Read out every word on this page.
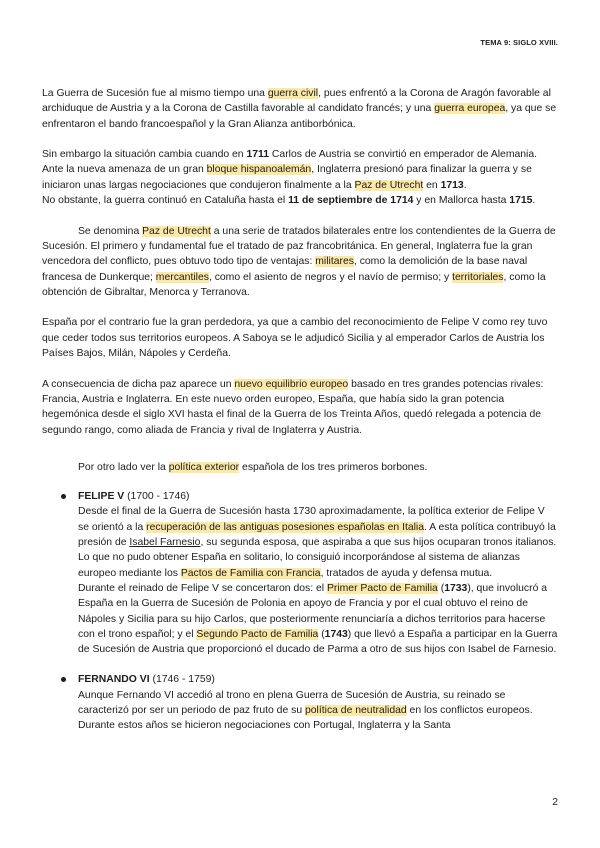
TEMA 9: SIGLO XVIII.

La Guerra de Sucesión fue al mismo tiempo una guerra civil, pues enfrentó a la Corona de Aragón favorable al archiduque de Austria y a la Corona de Castilla favorable al candidato francés; y una guerra europea, ya que se enfrentaron el bando francoespañol y la Gran Alianza antiborbónica.

Sin embargo la situación cambia cuando en 1711 Carlos de Austria se convirtió en emperador de Alemania. Ante la nueva amenaza de un gran bloque hispanoalemán, Inglaterra presionó para finalizar la guerra y se iniciaron unas largas negociaciones que condujeron finalmente a la Paz de Utrecht en 1713.
No obstante, la guerra continuó en Cataluña hasta el 11 de septiembre de 1714 y en Mallorca hasta 1715.

Se denomina Paz de Utrecht a una serie de tratados bilaterales entre los contendientes de la Guerra de Sucesión. El primero y fundamental fue el tratado de paz francobritánica. En general, Inglaterra fue la gran vencedora del conflicto, pues obtuvo todo tipo de ventajas: militares, como la demolición de la base naval francesa de Dunkerque; mercantiles, como el asiento de negros y el navío de permiso; y territoriales, como la obtención de Gibraltar, Menorca y Terranova.

España por el contrario fue la gran perdedora, ya que a cambio del reconocimiento de Felipe V como rey tuvo que ceder todos sus territorios europeos. A Saboya se le adjudicó Sicilia y al emperador Carlos de Austria los Países Bajos, Milán, Nápoles y Cerdeña.

A consecuencia de dicha paz aparece un nuevo equilibrio europeo basado en tres grandes potencias rivales: Francia, Austria e Inglaterra. En este nuevo orden europeo, España, que había sido la gran potencia hegemónica desde el siglo XVI hasta el final de la Guerra de los Treinta Años, quedó relegada a potencia de segundo rango, como aliada de Francia y rival de Inglaterra y Austria.

Por otro lado ver la política exterior española de los tres primeros borbones.

FELIPE V (1700 - 1746)
Desde el final de la Guerra de Sucesión hasta 1730 aproximadamente, la política exterior de Felipe V se orientó a la recuperación de las antiguas posesiones españolas en Italia. A esta política contribuyó la presión de Isabel Farnesio, su segunda esposa, que aspiraba a que sus hijos ocuparan tronos italianos.
Lo que no pudo obtener España en solitario, lo consiguió incorporándose al sistema de alianzas europeo mediante los Pactos de Familia con Francia, tratados de ayuda y defensa mutua.
Durante el reinado de Felipe V se concertaron dos: el Primer Pacto de Familia (1733), que involucró a España en la Guerra de Sucesión de Polonia en apoyo de Francia y por el cual obtuvo el reino de Nápoles y Sicilia para su hijo Carlos, que posteriormente renunciaría a dichos territorios para hacerse con el trono español; y el Segundo Pacto de Familia (1743) que llevó a España a participar en la Guerra de Sucesión de Austria que proporcionó el ducado de Parma a otro de sus hijos con Isabel de Farnesio.
FERNANDO VI (1746 - 1759)
Aunque Fernando VI accedió al trono en plena Guerra de Sucesión de Austria, su reinado se caracterizó por ser un periodo de paz fruto de su política de neutralidad en los conflictos europeos. Durante estos años se hicieron negociaciones con Portugal, Inglaterra y la Santa
2
